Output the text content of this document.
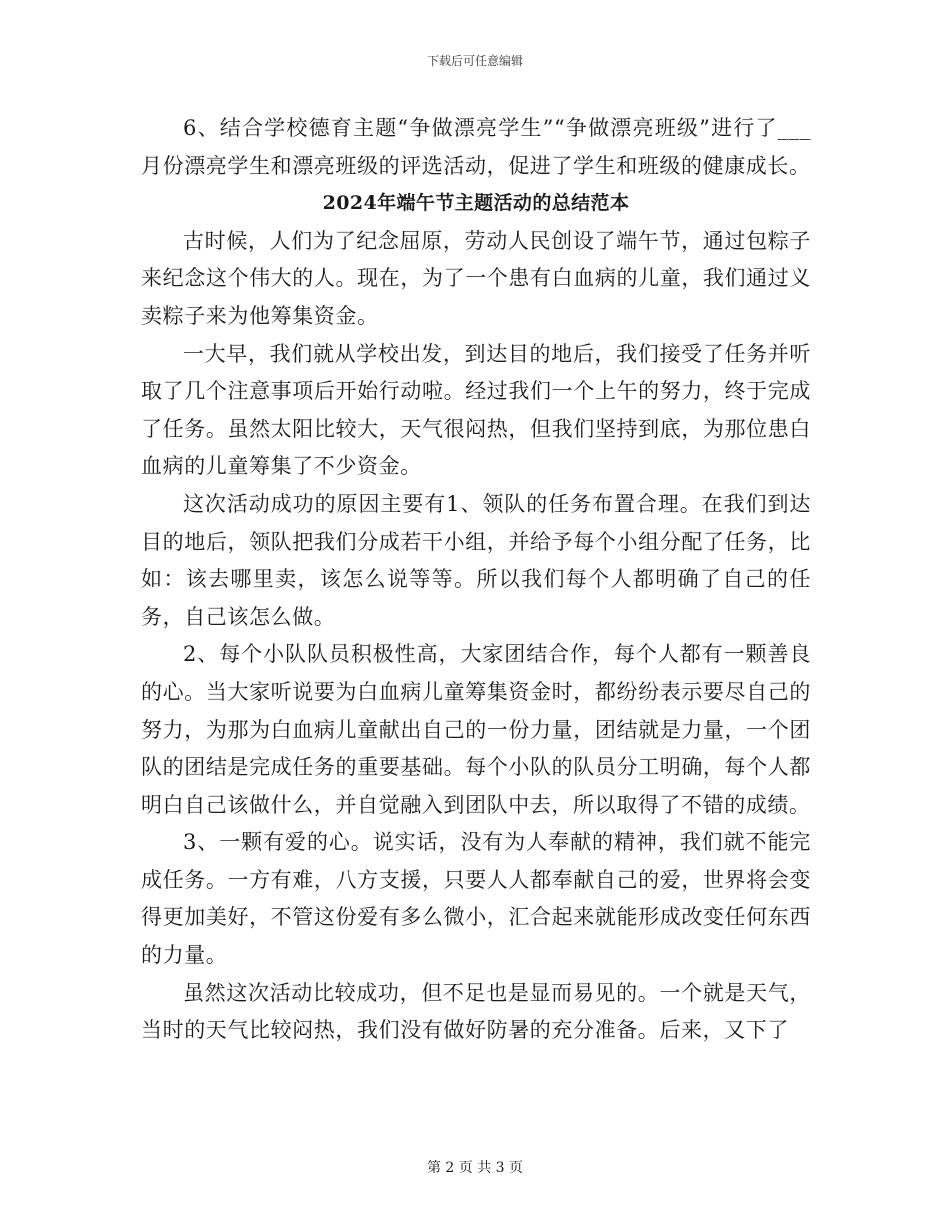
下载后可任意编辑

6、结合学校德育主题“争做漂亮学生”“争做漂亮班级”进行了___月份漂亮学生和漂亮班级的评选活动，促进了学生和班级的健康成长。

2024年端午节主题活动的总结范本

古时候，人们为了纪念屈原，劳动人民创设了端午节，通过包粽子来纪念这个伟大的人。现在，为了一个患有白血病的儿童，我们通过义卖粽子来为他筹集资金。

一大早，我们就从学校出发，到达目的地后，我们接受了任务并听取了几个注意事项后开始行动啦。经过我们一个上午的努力，终于完成了任务。虽然太阳比较大，天气很闷热，但我们坚持到底，为那位患白血病的儿童筹集了不少资金。

这次活动成功的原因主要有1、领队的任务布置合理。在我们到达目的地后，领队把我们分成若干小组，并给予每个小组分配了任务，比如：该去哪里卖，该怎么说等等。所以我们每个人都明确了自己的任务，自己该怎么做。

2、每个小队队员积极性高，大家团结合作，每个人都有一颗善良的心。当大家听说要为白血病儿童筹集资金时，都纷纷表示要尽自己的努力，为那为白血病儿童献出自己的一份力量，团结就是力量，一个团队的团结是完成任务的重要基础。每个小队的队员分工明确，每个人都明白自己该做什么，并自觉融入到团队中去，所以取得了不错的成绩。

3、一颗有爱的心。说实话，没有为人奉献的精神，我们就不能完成任务。一方有难，八方支援，只要人人都奉献自己的爱，世界将会变得更加美好，不管这份爱有多么微小，汇合起来就能形成改变任何东西的力量。

虽然这次活动比较成功，但不足也是显而易见的。一个就是天气，当时的天气比较闷热，我们没有做好防暑的充分准备。后来，又下了

第 2 页 共 3 页
